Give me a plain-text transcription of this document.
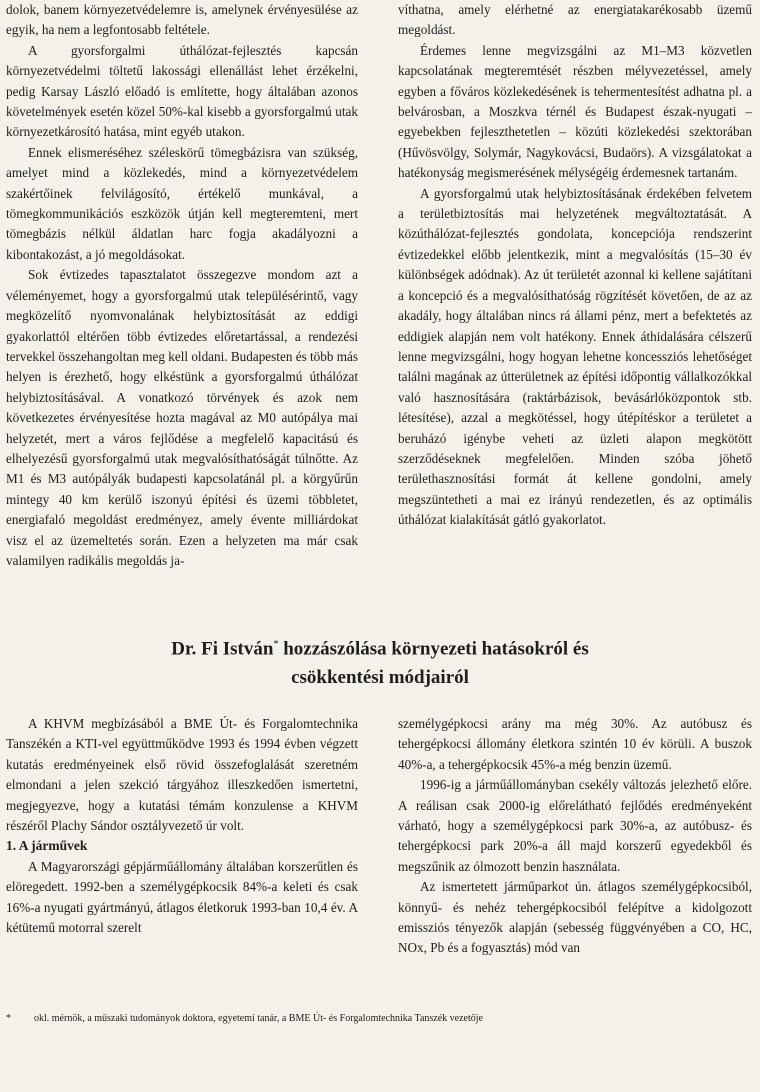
dolok, banem környezetvédelemre is, amelynek érvényesülése az egyik, ha nem a legfontosabb feltétele.

A gyorsforgalmi úthálózat-fejlesztés kapcsán környezetvédelmi töltetű lakossági ellenállást lehet érzékelni, pedig Karsay László előadó is említette, hogy általában azonos követelmények esetén közel 50%-kal kisebb a gyorsforgalmú utak környezetkárosító hatása, mint egyéb utakon.

Ennek elismeréséhez széleskörű tömegbázisra van szükség, amelyet mind a közlekedés, mind a környezetvédelem szakértőinek felvilágosító, értékelő munkával, a tömegkommunikációs eszközök útján kell megteremteni, mert tömegbázis nélkül áldatlan harc fogja akadályozni a kibontakozást, a jó megoldásokat.

Sok évtizedes tapasztalatot összegezve mondom azt a véleményemet, hogy a gyorsforgalmú utak településérintő, vagy megközelítő nyomvonalának helybiztosítását az eddigi gyakorlattól eltérően több évtizedes előretartással, a rendezési tervekkel összehangoltan meg kell oldani. Budapesten és több más helyen is érezhető, hogy elkéstünk a gyorsforgalmú úthálózat helybiztosításával. A vonatkozó törvények és azok nem következetes érvényesítése hozta magával az M0 autópálya mai helyzetét, mert a város fejlődése a megfelelő kapacitású és elhelyezésű gyorsforgalmú utak megvalósíthatóságát túlnőtte. Az M1 és M3 autópályák budapesti kapcsolatánál pl. a körgyűrűn mintegy 40 km kerülő iszonyú építési és üzemi többletet, energiafaló megoldást eredményez, amely évente milliárdokat visz el az üzemeltetés során. Ezen a helyzeten ma már csak valamilyen radikális megoldás ja-

víthatna, amely elérhetné az energiatakarékosabb üzemű megoldást.

Érdemes lenne megvizsgálni az M1–M3 közvetlen kapcsolatának megteremtését részben mélyvezetéssel, amely egyben a főváros közlekedésének is tehermentesítést adhatna pl. a belvárosban, a Moszkva térnél és Budapest észak-nyugati – egyebekben fejleszthetetlen – közúti közlekedési szektorában (Hűvösvölgy, Solymár, Nagykovácsi, Budaörs). A vizsgálatokat a hatékonyság megismerésének mélységéig érdemesnek tartanám.

A gyorsforgalmú utak helybiztosításának érdekében felvetem a területbiztosítás mai helyzetének megváltoztatását. A közúthálózat-fejlesztés gondolata, koncepciója rendszerint évtizedekkel előbb jelentkezik, mint a megvalósítás (15–30 év különbségek adódnak). Az út területét azonnal ki kellene sajátítani a koncepció és a megvalósíthatóság rögzítését követően, de az az akadály, hogy általában nincs rá állami pénz, mert a befektetés az eddigiek alapján nem volt hatékony. Ennek áthidalására célszerű lenne megvizsgálni, hogy hogyan lehetne koncessziós lehetőséget találni magának az útterületnek az építési időpontig vállalkozókkal való hasznosítására (raktárbázisok, bevásárlóközpontok stb. létesítése), azzal a megkötéssel, hogy útépítéskor a területet a beruházó igénybe veheti az üzleti alapon megkötött szerződéseknek megfelelően. Minden szóba jöhető területhasznosítási formát át kellene gondolni, amely megszüntetheti a mai ez irányú rendezetlen, és az optimális úthálózat kialakítását gátló gyakorlatot.

Dr. Fi István* hozzászólása környezeti hatásokról és
csökkentési módjairól

A KHVM megbízásából a BME Út- és Forgalomtechnika Tanszékén a KTI-vel együttműködve 1993 és 1994 évben végzett kutatás eredményeinek első rövid összefoglalását szeretném elmondani a jelen szekció tárgyához illeszkedően ismertetni, megjegyezve, hogy a kutatási témám konzulense a KHVM részéről Plachy Sándor osztályvezető úr volt.

1. A járművek

A Magyarországi gépjárműállomány általában korszerűtlen és elöregedett. 1992-ben a személygépkocsik 84%-a keleti és csak 16%-a nyugati gyártmányú, átlagos életkoruk 1993-ban 10,4 év. A kétütemű motorral szerelt

személygépkocsi arány ma még 30%. Az autóbusz és tehergépkocsi állomány életkora szintén 10 év körüli. A buszok 40%-a, a tehergépkocsik 45%-a még benzin üzemű.

1996-ig a járműállományban csekély változás jelezhető előre. A reálisan csak 2000-ig előrelátható fejlődés eredményeként várható, hogy a személygépkocsi park 30%-a, az autóbusz- és tehergépkocsi park 20%-a áll majd korszerű egyedekből és megszűnik az ólmozott benzin használata.

Az ismertetett járműparkot ún. átlagos személygépkocsiból, könnyű- és nehéz tehergépkocsiból felépítve a kidolgozott emissziós tényezők alapján (sebesség függvényében a CO, HC, NOx, Pb és a fogyasztás) mód van

* okl. mérnök, a műszaki tudományok doktora, egyetemi tanár, a BME Út- és Forgalomtechnika Tanszék vezetője
